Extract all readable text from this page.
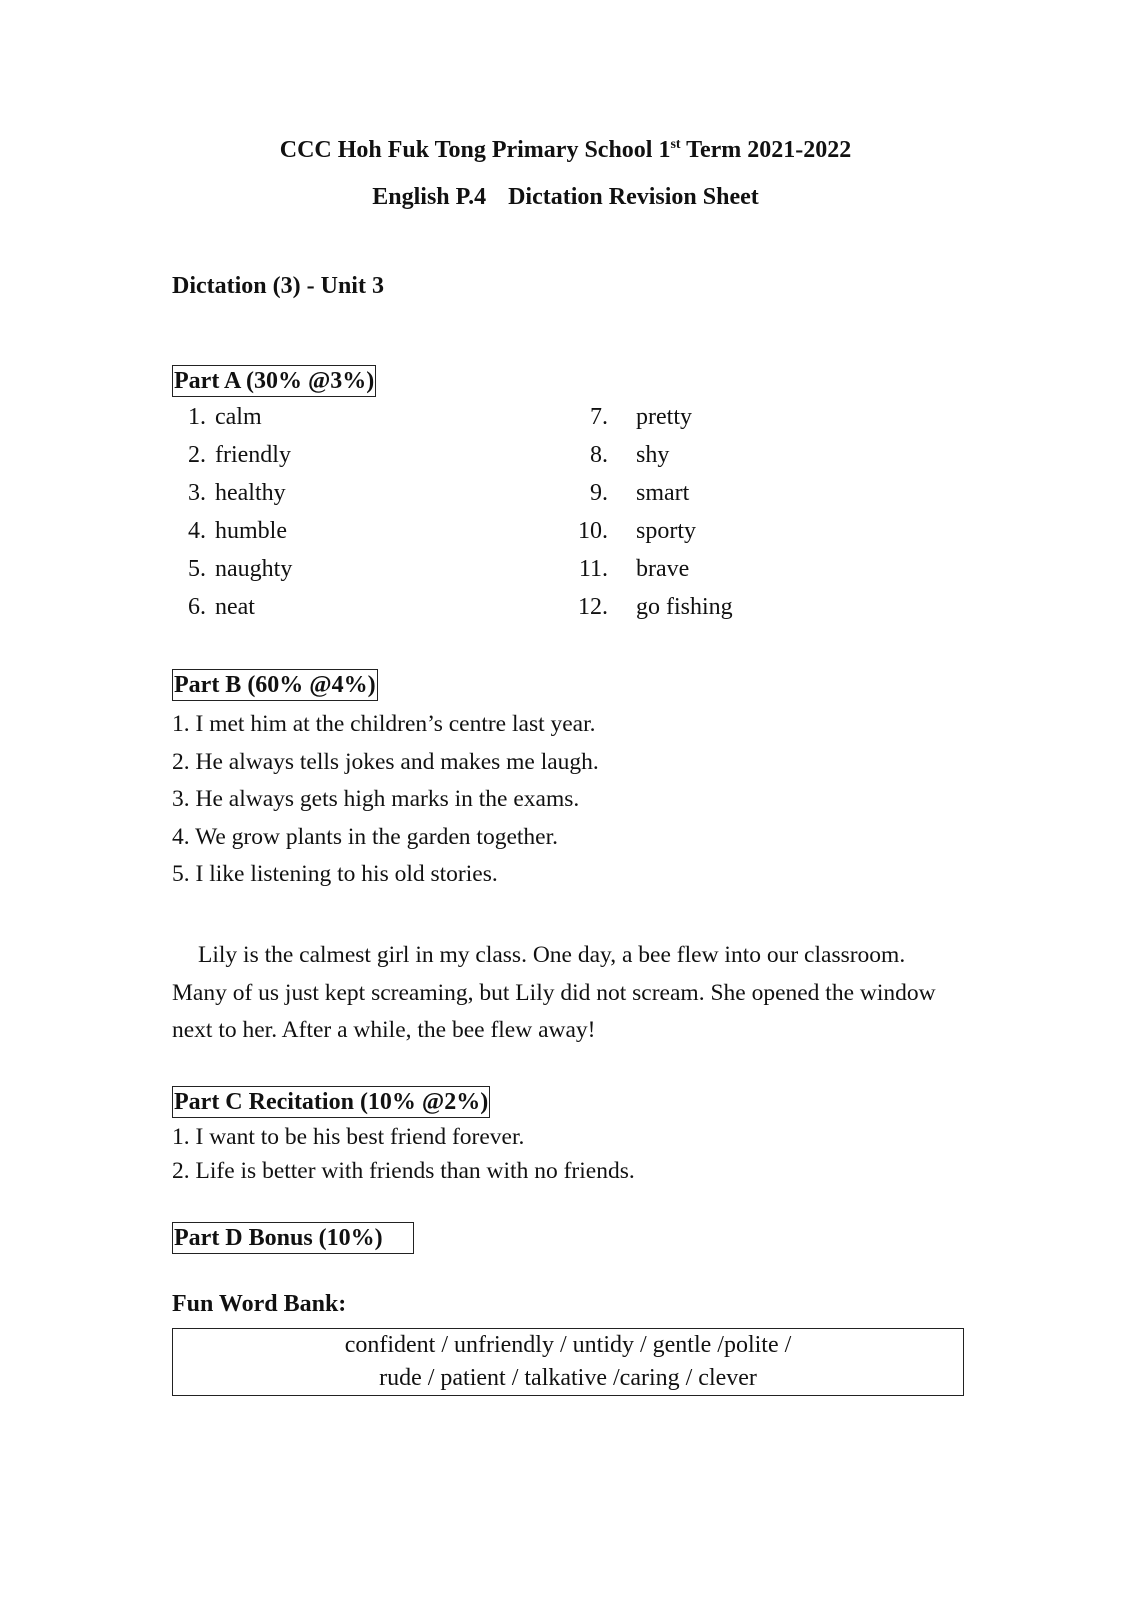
CCC Hoh Fuk Tong Primary School 1st Term 2021-2022
English P.4 Dictation Revision Sheet
Dictation (3) - Unit 3
Part A (30% @3%)
1. calm
2. friendly
3. healthy
4. humble
5. naughty
6. neat
7. pretty
8. shy
9. smart
10. sporty
11. brave
12. go fishing
Part B (60% @4%)
1. I met him at the children’s centre last year.
2. He always tells jokes and makes me laugh.
3. He always gets high marks in the exams.
4. We grow plants in the garden together.
5. I like listening to his old stories.

Lily is the calmest girl in my class. One day, a bee flew into our classroom. Many of us just kept screaming, but Lily did not scream. She opened the window next to her. After a while, the bee flew away!

Part C Recitation (10% @2%)
1. I want to be his best friend forever.
2. Life is better with friends than with no friends.
Part D Bonus (10%)
Fun Word Bank:
confident / unfriendly / untidy / gentle /polite /
rude / patient / talkative /caring / clever
